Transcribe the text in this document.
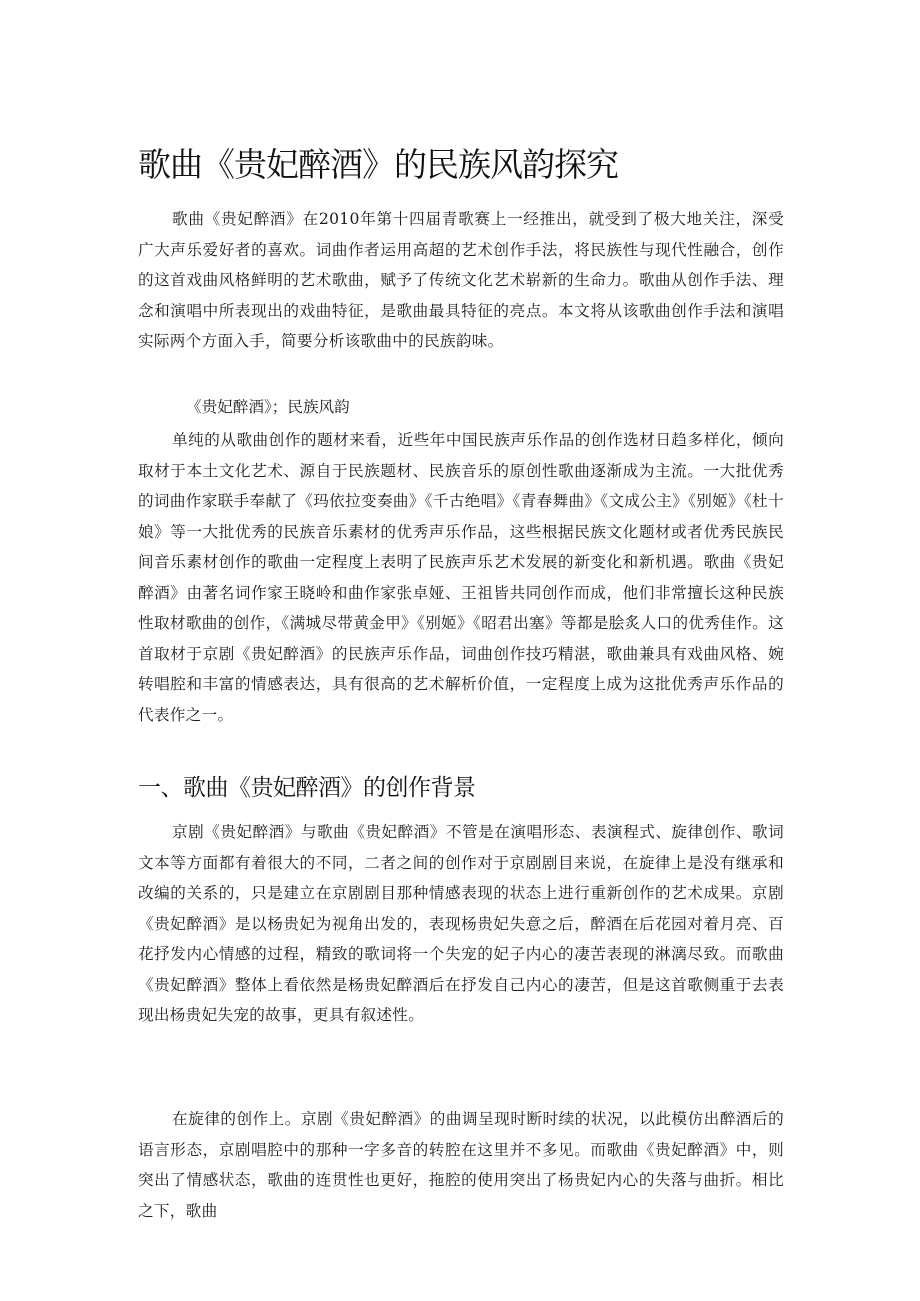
歌曲《贵妃醉酒》的民族风韵探究

歌曲《贵妃醉酒》在2010年第十四届青歌赛上一经推出，就受到了极大地关注，深受广大声乐爱好者的喜欢。词曲作者运用高超的艺术创作手法，将民族性与现代性融合，创作的这首戏曲风格鲜明的艺术歌曲，赋予了传统文化艺术崭新的生命力。歌曲从创作手法、理念和演唱中所表现出的戏曲特征，是歌曲最具特征的亮点。本文将从该歌曲创作手法和演唱实际两个方面入手，简要分析该歌曲中的民族韵味。

《贵妃醉酒》；民族风韵

单纯的从歌曲创作的题材来看，近些年中国民族声乐作品的创作选材日趋多样化，倾向取材于本土文化艺术、源自于民族题材、民族音乐的原创性歌曲逐渐成为主流。一大批优秀的词曲作家联手奉献了《玛依拉变奏曲》《千古绝唱》《青春舞曲》《文成公主》《别姬》《杜十娘》等一大批优秀的民族音乐素材的优秀声乐作品，这些根据民族文化题材或者优秀民族民间音乐素材创作的歌曲一定程度上表明了民族声乐艺术发展的新变化和新机遇。歌曲《贵妃醉酒》由著名词作家王晓岭和曲作家张卓娅、王祖皆共同创作而成，他们非常擅长这种民族性取材歌曲的创作，《满城尽带黄金甲》《别姬》《昭君出塞》等都是脍炙人口的优秀佳作。这首取材于京剧《贵妃醉酒》的民族声乐作品，词曲创作技巧精湛，歌曲兼具有戏曲风格、婉转唱腔和丰富的情感表达，具有很高的艺术解析价值，一定程度上成为这批优秀声乐作品的代表作之一。

一、歌曲《贵妃醉酒》的创作背景

京剧《贵妃醉酒》与歌曲《贵妃醉酒》不管是在演唱形态、表演程式、旋律创作、歌词文本等方面都有着很大的不同，二者之间的创作对于京剧剧目来说，在旋律上是没有继承和改编的关系的，只是建立在京剧剧目那种情感表现的状态上进行重新创作的艺术成果。京剧《贵妃醉酒》是以杨贵妃为视角出发的，表现杨贵妃失意之后，醉酒在后花园对着月亮、百花抒发内心情感的过程，精致的歌词将一个失宠的妃子内心的凄苦表现的淋漓尽致。而歌曲《贵妃醉酒》整体上看依然是杨贵妃醉酒后在抒发自己内心的凄苦，但是这首歌侧重于去表现出杨贵妃失宠的故事，更具有叙述性。

在旋律的创作上。京剧《贵妃醉酒》的曲调呈现时断时续的状况，以此模仿出醉酒后的语言形态，京剧唱腔中的那种一字多音的转腔在这里并不多见。而歌曲《贵妃醉酒》中，则突出了情感状态，歌曲的连贯性也更好，拖腔的使用突出了杨贵妃内心的失落与曲折。相比之下，歌曲
